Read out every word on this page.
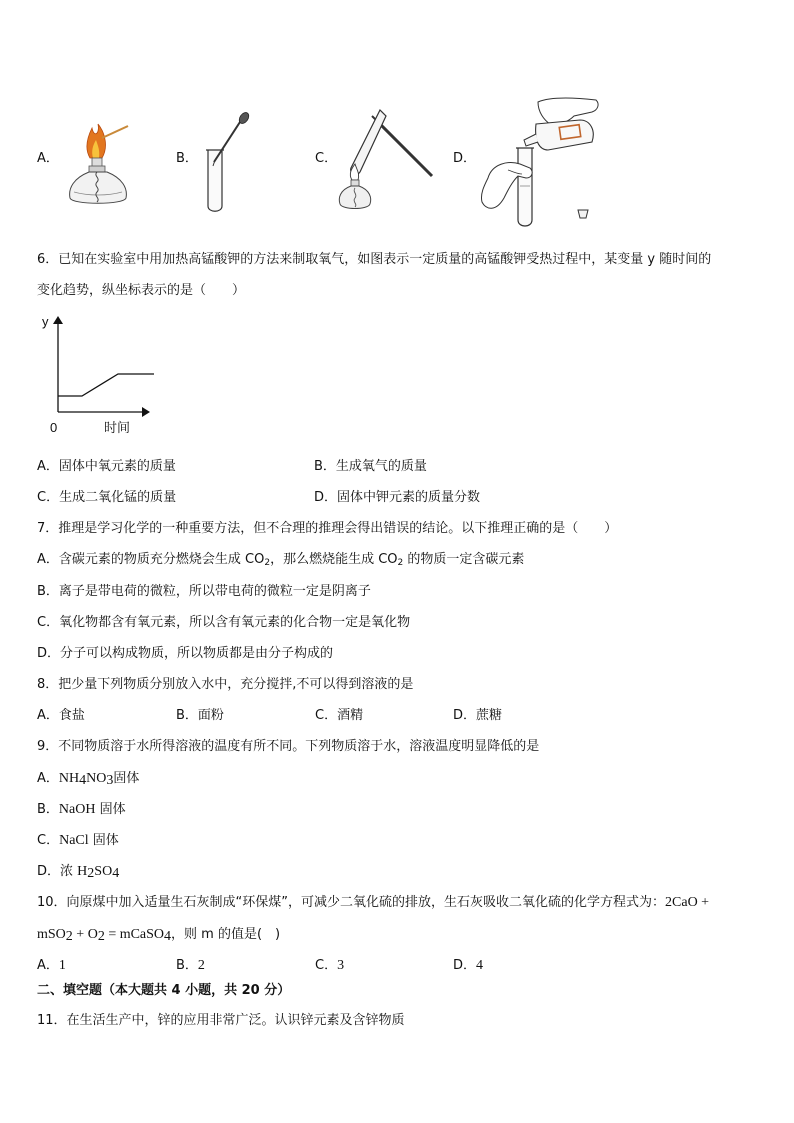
A．	B．	C．	D．
6．已知在实验室中用加热高锰酸钾的方法来制取氧气，如图表示一定质量的高锰酸钾受热过程中，某变量 y 随时间的
变化趋势，纵坐标表示的是（　　）
y
0	时间
A．固体中氧元素的质量	B．生成氧气的质量
C．生成二氧化锰的质量	D．固体中钾元素的质量分数
7．推理是学习化学的一种重要方法，但不合理的推理会得出错误的结论。以下推理正确的是（　　）
A．含碳元素的物质充分燃烧会生成 $CO_2$，那么燃烧能生成 $CO_2$ 的物质一定含碳元素
B．离子是带电荷的微粒，所以带电荷的微粒一定是阴离子
C．氧化物都含有氧元素，所以含有氧元素的化合物一定是氧化物
D．分子可以构成物质，所以物质都是由分子构成的
8．把少量下列物质分别放入水中，充分搅拌,不可以得到溶液的是
A．食盐	B．面粉	C．酒精	D．蔗糖
9．不同物质溶于水所得溶液的温度有所不同。下列物质溶于水，溶液温度明显降低的是
A．$NH_4NO_3$固体
B．NaOH 固体
C．NaCl 固体
D．浓 $H_2SO_4$
10．向原煤中加入适量生石灰制成“环保煤”，可减少二氧化硫的排放，生石灰吸收二氧化硫的化学方程式为：2CaO +
$mSO_2 + O_2$ = mCaSO$_4$，则 m 的值是(　)
A．1	B．2	C．3	D．4
二、填空题（本大题共 4 小题，共 20 分）
11．在生活生产中，锌的应用非常广泛。认识锌元素及含锌物质
